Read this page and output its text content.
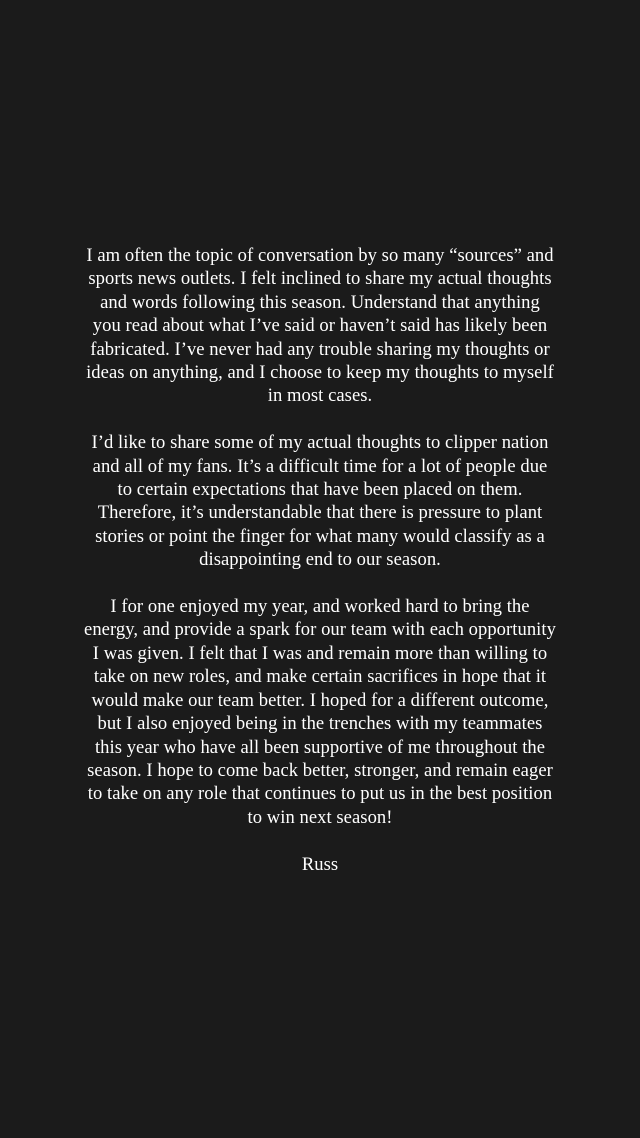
I am often the topic of conversation by so many “sources” and sports news outlets. I felt inclined to share my actual thoughts and words following this season. Understand that anything you read about what I’ve said or haven’t said has likely been fabricated. I’ve never had any trouble sharing my thoughts or ideas on anything, and I choose to keep my thoughts to myself in most cases.

I’d like to share some of my actual thoughts to clipper nation and all of my fans. It’s a difficult time for a lot of people due to certain expectations that have been placed on them. Therefore, it’s understandable that there is pressure to plant stories or point the finger for what many would classify as a disappointing end to our season.

I for one enjoyed my year, and worked hard to bring the energy, and provide a spark for our team with each opportunity I was given. I felt that I was and remain more than willing to take on new roles, and make certain sacrifices in hope that it would make our team better. I hoped for a different outcome, but I also enjoyed being in the trenches with my teammates this year who have all been supportive of me throughout the season. I hope to come back better, stronger, and remain eager to take on any role that continues to put us in the best position to win next season!

Russ
